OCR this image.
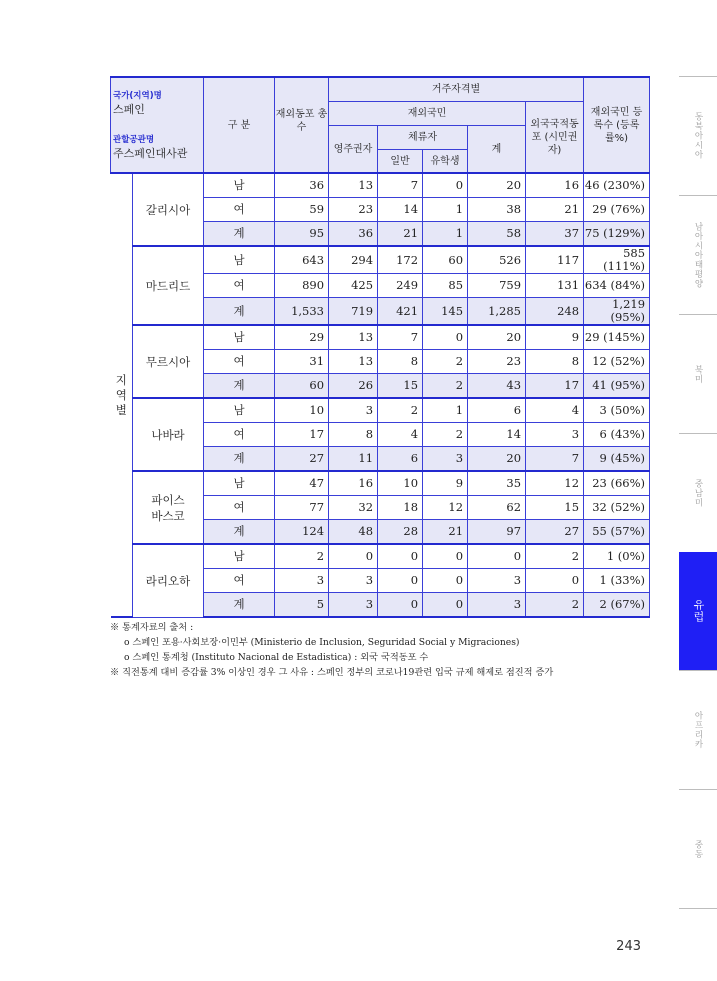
국가(지역)명
스페인
관할공관명
주스페인대사관		구 분	재외동포 총수	거주자격별					재외국민 등록수 (등록률%)
				재외국민				외국국적동포 (시민권자)	
				영주권자	체류자		계		
					일반	유학생			
지
역
별	갈리시아	남	36	13	7	0	20	16	46 (230%)
		여	59	23	14	1	38	21	29 (76%)
		계	95	36	21	1	58	37	75 (129%)
	마드리드	남	643	294	172	60	526	117	585 (111%)
		여	890	425	249	85	759	131	634 (84%)
		계	1,533	719	421	145	1,285	248	1,219 (95%)
	무르시아	남	29	13	7	0	20	9	29 (145%)
		여	31	13	8	2	23	8	12 (52%)
		계	60	26	15	2	43	17	41 (95%)
	나바라	남	10	3	2	1	6	4	3 (50%)
		여	17	8	4	2	14	3	6 (43%)
		계	27	11	6	3	20	7	9 (45%)
	파이스
바스코	남	47	16	10	9	35	12	23 (66%)
		여	77	32	18	12	62	15	32 (52%)
		계	124	48	28	21	97	27	55 (57%)
	라리오하	남	2	0	0	0	0	2	1 (0%)
		여	3	3	0	0	3	0	1 (33%)
		계	5	3	0	0	3	2	2 (67%)
※ 통계자료의 출처 :
o 스페인 포용·사회보장·이민부 (Ministerio de Inclusion, Seguridad Social y Migraciones)
o 스페인 통계청 (Instituto Nacional de Estadistica) : 외국 국적동포 수
※ 직전통계 대비 증감률 3% 이상인 경우 그 사유 : 스페인 정부의 코로나19관련 입국 규제 해제로 점진적 증가
동북아시아
남아시아태평양
북미
중남미
유럽
아프리카
중동
243
